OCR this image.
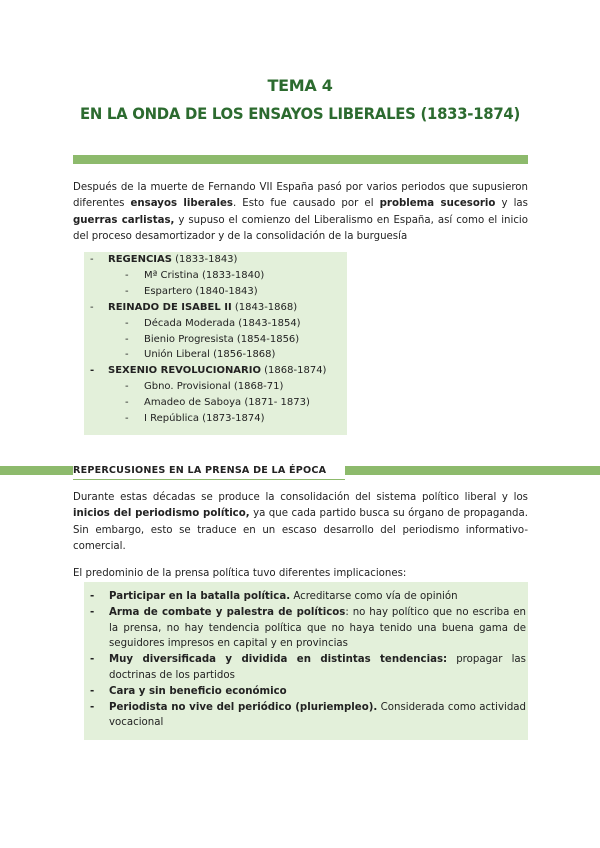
TEMA 4
EN LA ONDA DE LOS ENSAYOS LIBERALES (1833-1874)

Después de la muerte de Fernando VII España pasó por varios periodos que supusieron diferentes ensayos liberales. Esto fue causado por el problema sucesorio y las guerras carlistas, y supuso el comienzo del Liberalismo en España, así como el inicio del proceso desamortizador y de la consolidación de la burguesía

- REGENCIAS (1833-1843)
- Mª Cristina (1833-1840)
- Espartero (1840-1843)
- REINADO DE ISABEL II (1843-1868)
- Década Moderada (1843-1854)
- Bienio Progresista (1854-1856)
- Unión Liberal (1856-1868)
- SEXENIO REVOLUCIONARIO (1868-1874)
- Gbno. Provisional (1868-71)
- Amadeo de Saboya (1871- 1873)
- I República (1873-1874)
REPERCUSIONES EN LA PRENSA DE LA ÉPOCA

Durante estas décadas se produce la consolidación del sistema político liberal y los inicios del periodismo político, ya que cada partido busca su órgano de propaganda. Sin embargo, esto se traduce en un escaso desarrollo del periodismo informativo-comercial.

El predominio de la prensa política tuvo diferentes implicaciones:

- Participar en la batalla política. Acreditarse como vía de opinión
- Arma de combate y palestra de políticos: no hay político que no escriba en la prensa, no hay tendencia política que no haya tenido una buena gama de seguidores impresos en capital y en provincias
- Muy diversificada y dividida en distintas tendencias: propagar las doctrinas de los partidos
- Cara y sin beneficio económico
- Periodista no vive del periódico (pluriempleo). Considerada como actividad vocacional
